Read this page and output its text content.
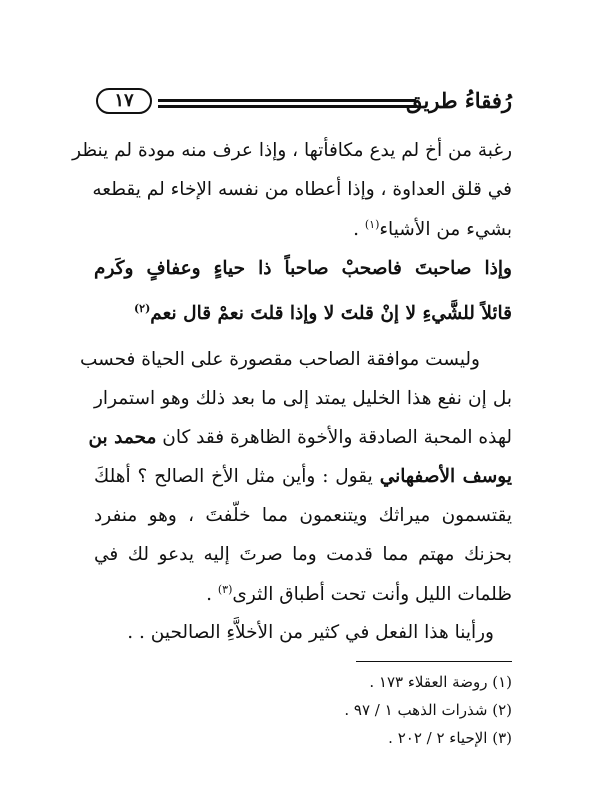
١٧	رُفقاءُ طريق
رغبة من أخ لم يدع مكافأتها ، وإذا عرف منه مودة لم ينظر
في قلق العداوة ، وإذا أعطاه من نفسه الإخاء لم يقطعه
بشيء من الأشياء$^{(١)}$ .
وإذا صاحبتَ فاصحبْ صاحباً ذا حياءٍ وعفافٍ وكَرم
قائلاً للشَّيءِ لا إنْ قلتَ لا وإذا قلتَ نعمْ قال نعم$^{(٢)}$
وليست موافقة الصاحب مقصورة على الحياة فحسب
بل إن نفع هذا الخليل يمتد إلى ما بعد ذلك وهو استمرار
لهذه المحبة الصادقة والأخوة الظاهرة فقد كان محمد بن
يوسف الأصفهاني يقول : وأين مثل الأخ الصالح ؟ أهلكَ
يقتسمون ميراثك ويتنعمون مما خلّفتَ ، وهو منفرد
بحزنك مهتم مما قدمت وما صرتَ إليه يدعو لك في
ظلمات الليل وأنت تحت أطباق الثرى$^{(٣)}$ .
ورأينا هذا الفعل في كثير من الأخلاَّءِ الصالحين . .
(١) روضة العقلاء ١٧٣ .
(٢) شذرات الذهب ١ / ٩٧ .
(٣) الإحياء ٢ / ٢٠٢ .
